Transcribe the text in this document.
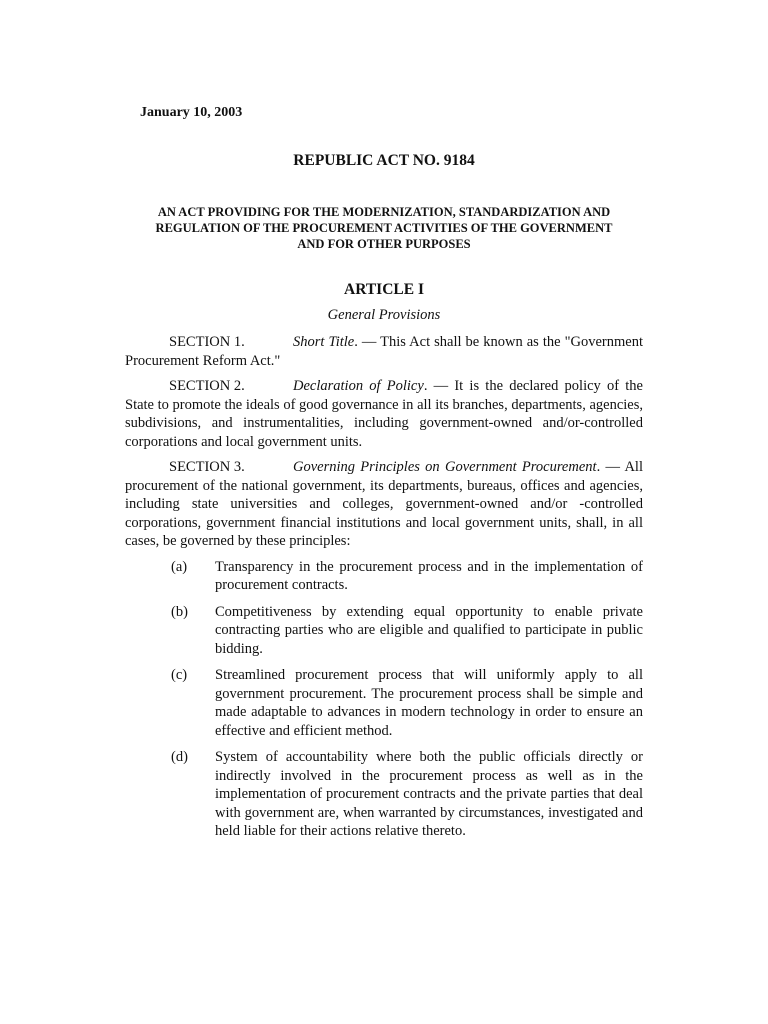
January 10, 2003
REPUBLIC ACT NO. 9184
AN ACT PROVIDING FOR THE MODERNIZATION, STANDARDIZATION AND
REGULATION OF THE PROCUREMENT ACTIVITIES OF THE GOVERNMENT
AND FOR OTHER PURPOSES
ARTICLE I
General Provisions

SECTION 1.	Short Title. — This Act shall be known as the "Government Procurement Reform Act."

SECTION 2.	Declaration of Policy. — It is the declared policy of the State to promote the ideals of good governance in all its branches, departments, agencies, subdivisions, and instrumentalities, including government-owned and/or-controlled corporations and local government units.

SECTION 3.	Governing Principles on Government Procurement. — All procurement of the national government, its departments, bureaus, offices and agencies, including state universities and colleges, government-owned and/or -controlled corporations, government financial institutions and local government units, shall, in all cases, be governed by these principles:

(a)	Transparency in the procurement process and in the implementation of procurement contracts.
(b)	Competitiveness by extending equal opportunity to enable private contracting parties who are eligible and qualified to participate in public bidding.
(c)	Streamlined procurement process that will uniformly apply to all government procurement. The procurement process shall be simple and made adaptable to advances in modern technology in order to ensure an effective and efficient method.
(d)	System of accountability where both the public officials directly or indirectly involved in the procurement process as well as in the implementation of procurement contracts and the private parties that deal with government are, when warranted by circumstances, investigated and held liable for their actions relative thereto.
